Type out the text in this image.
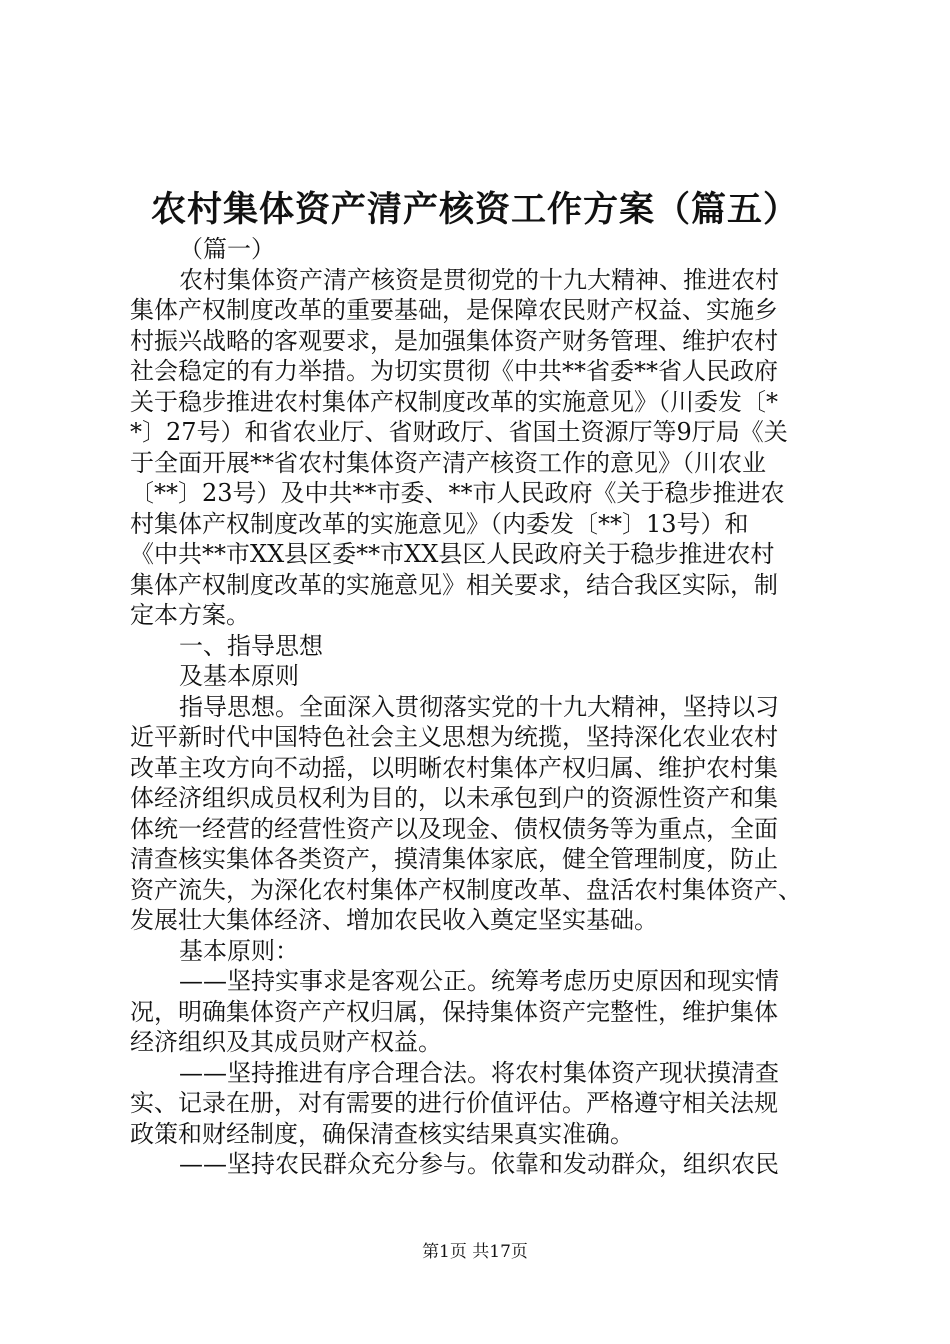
农村集体资产清产核资工作方案（篇五）
（篇一）
农村集体资产清产核资是贯彻党的十九大精神、推进农村
集体产权制度改革的重要基础，是保障农民财产权益、实施乡
村振兴战略的客观要求，是加强集体资产财务管理、维护农村
社会稳定的有力举措。为切实贯彻《中共**省委**省人民政府
关于稳步推进农村集体产权制度改革的实施意见》（川委发〔*
*〕27号）和省农业厅、省财政厅、省国土资源厅等9厅局《关
于全面开展**省农村集体资产清产核资工作的意见》（川农业
〔**〕23号）及中共**市委、**市人民政府《关于稳步推进农
村集体产权制度改革的实施意见》（内委发〔**〕13号）和
《中共**市XX县区委**市XX县区人民政府关于稳步推进农村
集体产权制度改革的实施意见》相关要求，结合我区实际，制
定本方案。
一、指导思想
及基本原则
指导思想。全面深入贯彻落实党的十九大精神，坚持以习
近平新时代中国特色社会主义思想为统揽，坚持深化农业农村
改革主攻方向不动摇，以明晰农村集体产权归属、维护农村集
体经济组织成员权利为目的，以未承包到户的资源性资产和集
体统一经营的经营性资产以及现金、债权债务等为重点，全面
清查核实集体各类资产，摸清集体家底，健全管理制度，防止
资产流失，为深化农村集体产权制度改革、盘活农村集体资产、
发展壮大集体经济、增加农民收入奠定坚实基础。
基本原则：
——坚持实事求是客观公正。统筹考虑历史原因和现实情
况，明确集体资产产权归属，保持集体资产完整性，维护集体
经济组织及其成员财产权益。
——坚持推进有序合理合法。将农村集体资产现状摸清查
实、记录在册，对有需要的进行价值评估。严格遵守相关法规
政策和财经制度，确保清查核实结果真实准确。
——坚持农民群众充分参与。依靠和发动群众，组织农民
第1页 共17页
